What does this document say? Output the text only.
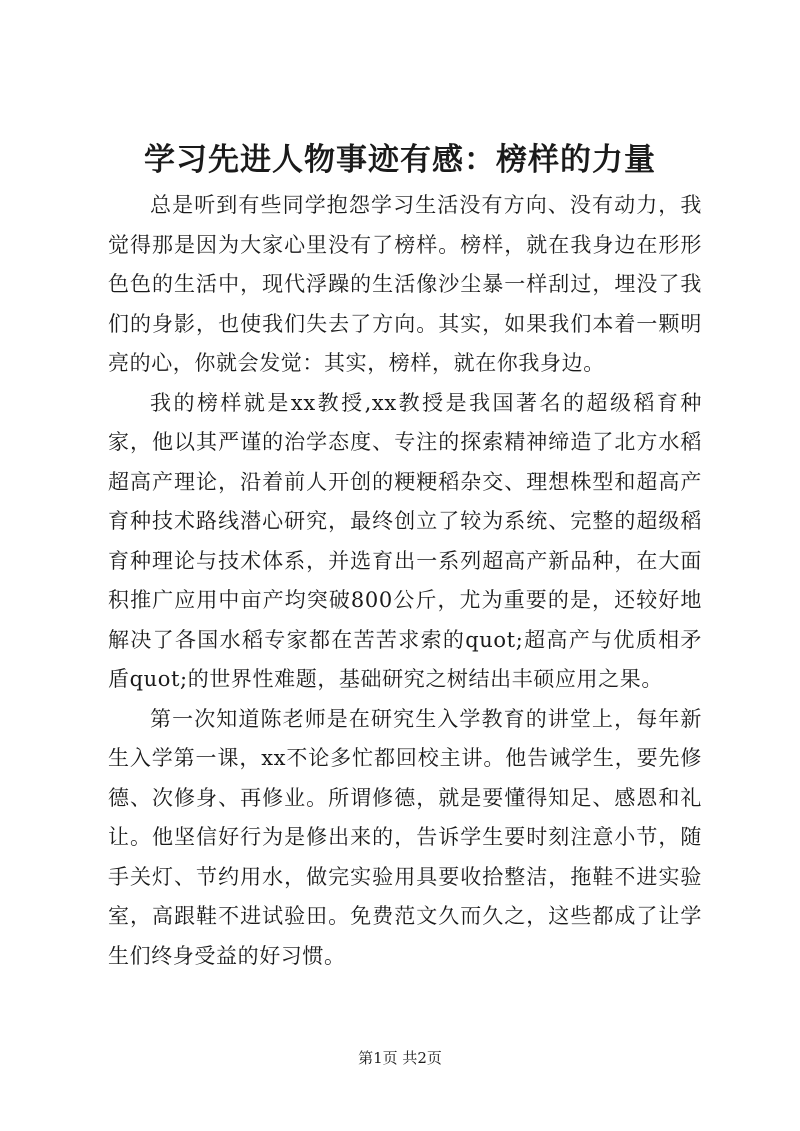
学习先进人物事迹有感：榜样的力量

总是听到有些同学抱怨学习生活没有方向、没有动力，我觉得那是因为大家心里没有了榜样。榜样，就在我身边在形形色色的生活中，现代浮躁的生活像沙尘暴一样刮过，埋没了我们的身影，也使我们失去了方向。其实，如果我们本着一颗明亮的心，你就会发觉：其实，榜样，就在你我身边。

我的榜样就是xx教授,xx教授是我国著名的超级稻育种家，他以其严谨的治学态度、专注的探索精神缔造了北方水稻超高产理论，沿着前人开创的粳粳稻杂交、理想株型和超高产育种技术路线潜心研究，最终创立了较为系统、完整的超级稻育种理论与技术体系，并选育出一系列超高产新品种，在大面积推广应用中亩产均突破800公斤，尤为重要的是，还较好地解决了各国水稻专家都在苦苦求索的quot;超高产与优质相矛盾quot;的世界性难题，基础研究之树结出丰硕应用之果。

第一次知道陈老师是在研究生入学教育的讲堂上，每年新生入学第一课，xx不论多忙都回校主讲。他告诫学生，要先修德、次修身、再修业。所谓修德，就是要懂得知足、感恩和礼让。他坚信好行为是修出来的，告诉学生要时刻注意小节，随手关灯、节约用水，做完实验用具要收拾整洁，拖鞋不进实验室，高跟鞋不进试验田。免费范文久而久之，这些都成了让学生们终身受益的好习惯。

第1页 共2页
